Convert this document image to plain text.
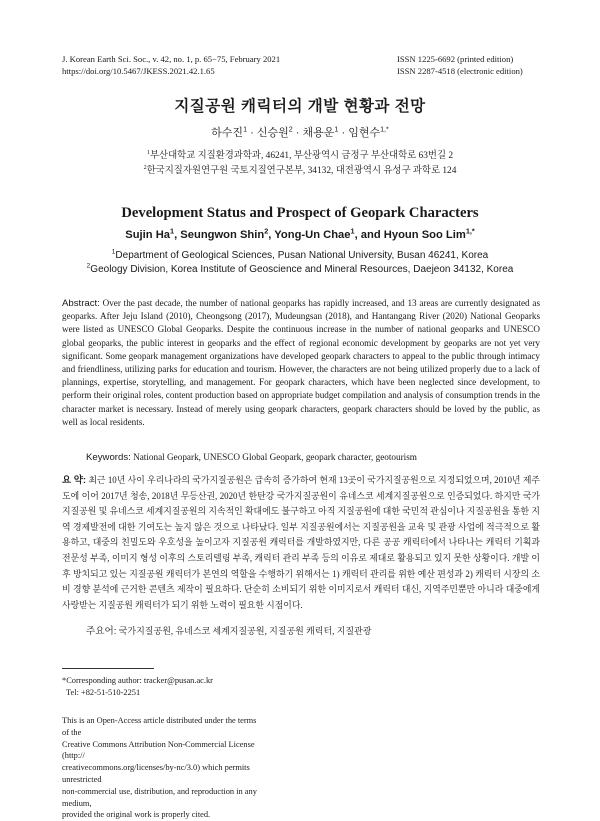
J. Korean Earth Sci. Soc., v. 42, no. 1, p. 65−75, February 2021
https://doi.org/10.5467/JKESS.2021.42.1.65
ISSN 1225-6692 (printed edition)
ISSN 2287-4518 (electronic edition)
지질공원 캐릭터의 개발 현황과 전망
하수진$^1$ · 신승원$^2$ · 채용운$^1$ · 임현수$^{1,*}$
$^1$부산대학교 지질환경과학과, 46241, 부산광역시 금정구 부산대학로 63번길 2
$^2$한국지질자원연구원 국토지질연구본부, 34132, 대전광역시 유성구 과학로 124
Development Status and Prospect of Geopark Characters
Sujin Ha$^1$, Seungwon Shin$^2$, Yong-Un Chae$^1$, and Hyoun Soo Lim$^{1,*}$
$^1$Department of Geological Sciences, Pusan National University, Busan 46241, Korea
$^2$Geology Division, Korea Institute of Geoscience and Mineral Resources, Daejeon 34132, Korea
Abstract: Over the past decade, the number of national geoparks has rapidly increased, and 13 areas are currently designated as geoparks. After Jeju Island (2010), Cheongsong (2017), Mudeungsan (2018), and Hantangang River (2020) National Geoparks were listed as UNESCO Global Geoparks. Despite the continuous increase in the number of national geoparks and UNESCO global geoparks, the public interest in geoparks and the effect of regional economic development by geoparks are not yet very significant. Some geopark management organizations have developed geopark characters to appeal to the public through intimacy and friendliness, utilizing parks for education and tourism. However, the characters are not being utilized properly due to a lack of plannings, expertise, storytelling, and management. For geopark characters, which have been neglected since development, to perform their original roles, content production based on appropriate budget compilation and analysis of consumption trends in the character market is necessary. Instead of merely using geopark characters, geopark characters should be loved by the public, as well as local residents.
Keywords: National Geopark, UNESCO Global Geopark, geopark character, geotourism
요 약: 최근 10년 사이 우리나라의 국가지질공원은 급속히 증가하여 현재 13곳이 국가지질공원으로 지정되었으며, 2010년 제주도에 이어 2017년 청송, 2018년 무등산권, 2020년 한탄강 국가지질공원이 유네스코 세계지질공원으로 인증되었다. 하지만 국가지질공원 및 유네스코 세계지질공원의 지속적인 확대에도 불구하고 아직 지질공원에 대한 국민적 관심이나 지질공원을 통한 지역 경제발전에 대한 기여도는 높지 않은 것으로 나타났다. 일부 지질공원에서는 지질공원을 교육 및 관광 사업에 적극적으로 활용하고, 대중의 친밀도와 우호성을 높이고자 지질공원 캐릭터를 개발하였지만, 다른 공공 캐릭터에서 나타나는 캐릭터 기획과 전문성 부족, 이미지 형성 이후의 스토리텔링 부족, 캐릭터 관리 부족 등의 이유로 제대로 활용되고 있지 못한 상황이다. 개발 이후 방치되고 있는 지질공원 캐릭터가 본연의 역할을 수행하기 위해서는 1) 캐릭터 관리를 위한 예산 편성과 2) 캐릭터 시장의 소비 경향 분석에 근거한 콘텐츠 제작이 필요하다. 단순히 소비되기 위한 이미지로서 캐릭터 대신, 지역주민뿐만 아니라 대중에게 사랑받는 지질공원 캐릭터가 되기 위한 노력이 필요한 시점이다.
주요어: 국가지질공원, 유네스코 세계지질공원, 지질공원 캐릭터, 지질관광
*Corresponding author: tracker@pusan.ac.kr
Tel: +82-51-510-2251
This is an Open-Access article distributed under the terms of the
Creative Commons Attribution Non-Commercial License (http://
creativecommons.org/licenses/by-nc/3.0) which permits unrestricted
non-commercial use, distribution, and reproduction in any medium,
provided the original work is properly cited.
